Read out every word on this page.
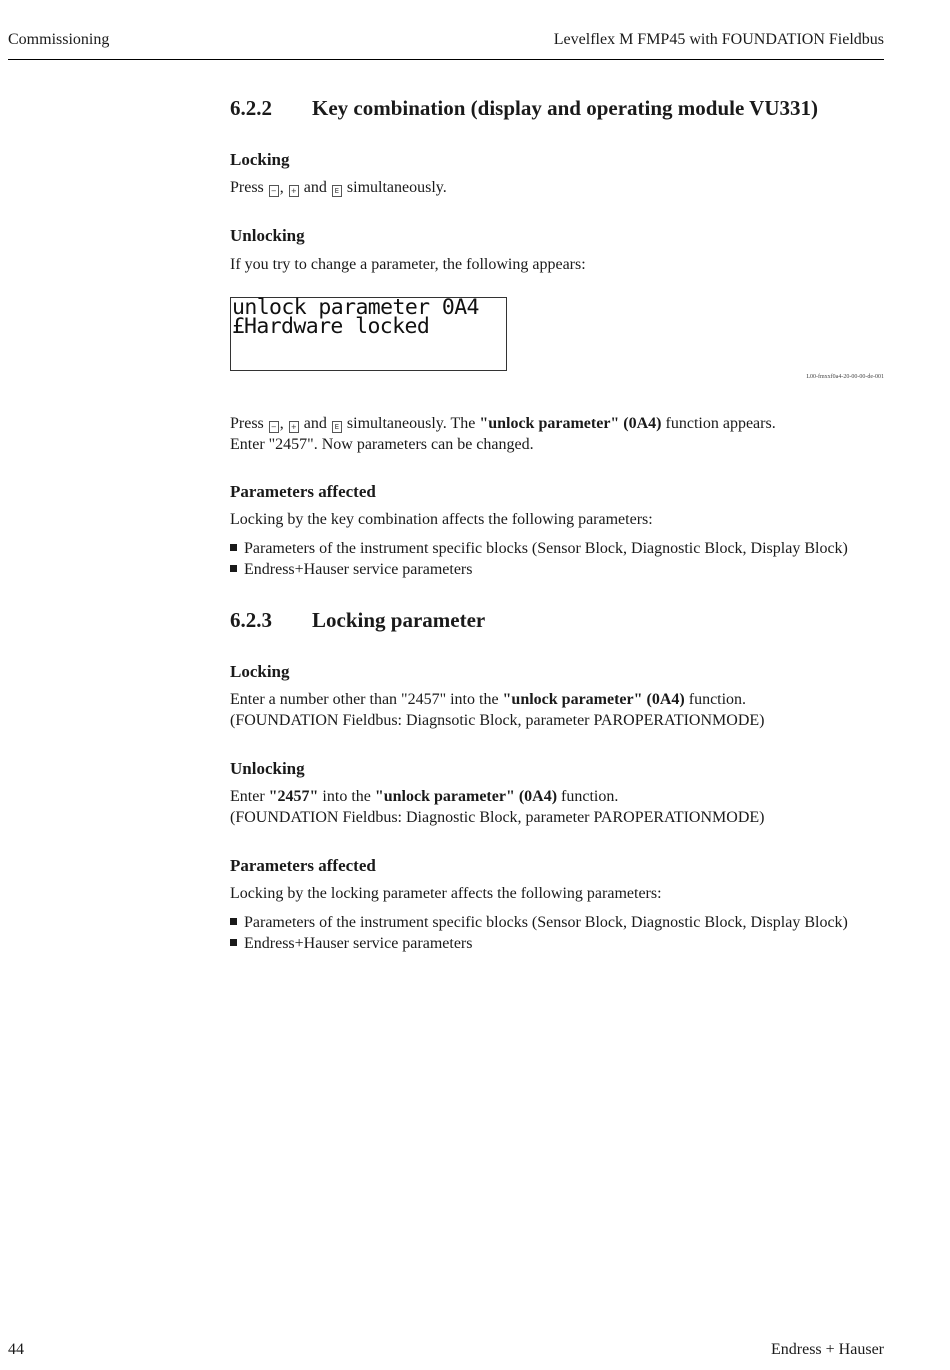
Commissioning	Levelflex M FMP45 with FOUNDATION Fieldbus
6.2.2 Key combination (display and operating module VU331)
Locking
Press − , + and E simultaneously.
Unlocking
If you try to change a parameter, the following appears:
unlock parameter 0A4
£Hardware locked
L00-fmxxf0a4-20-00-00-de-001
Press − , + and E simultaneously. The "unlock parameter" (0A4) function appears.
Enter "2457". Now parameters can be changed.
Parameters affected
Locking by the key combination affects the following parameters:
Parameters of the instrument specific blocks (Sensor Block, Diagnostic Block, Display Block)
Endress+Hauser service parameters
6.2.3 Locking parameter
Locking
Enter a number other than "2457" into the "unlock parameter" (0A4) function.
(FOUNDATION Fieldbus: Diagnsotic Block, parameter PAROPERATIONMODE)
Unlocking
Enter "2457" into the "unlock parameter" (0A4) function.
(FOUNDATION Fieldbus: Diagnostic Block, parameter PAROPERATIONMODE)
Parameters affected
Locking by the locking parameter affects the following parameters:
Parameters of the instrument specific blocks (Sensor Block, Diagnostic Block, Display Block)
Endress+Hauser service parameters
44	Endress + Hauser
